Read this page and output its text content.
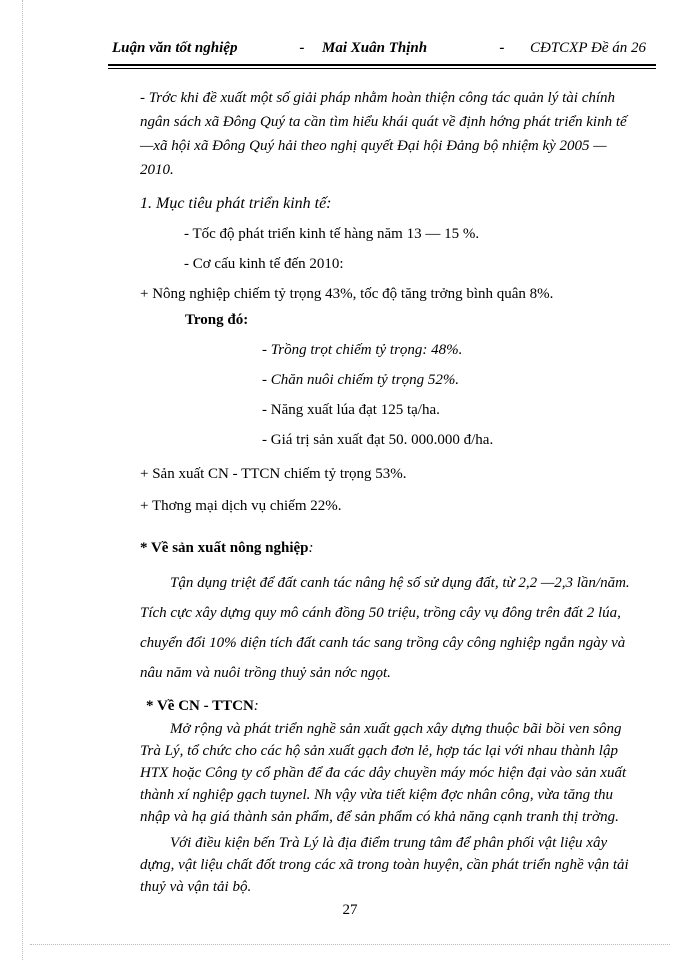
Luận văn tốt nghiệp	-	Mai Xuân Thịnh	-	CĐTCXP Đề án 26

- Trớc khi đề xuất một số giải pháp nhằm hoàn thiện công tác quản lý tài chính ngân sách xã Đông Quý ta cần tìm hiểu khái quát về định hớng phát triển kinh tế —xã hội xã Đông Quý hải theo nghị quyết Đại hội Đảng bộ nhiệm kỳ 2005 —2010.

1. Mục tiêu phát triển kinh tế:

- Tốc độ phát triển kinh tế hàng năm 13 — 15 %.

- Cơ cấu kinh tế đến 2010:

+ Nông nghiệp chiếm tỷ trọng 43%, tốc độ tăng trởng bình quân 8%.

Trong đó:

- Trồng trọt chiếm tỷ trọng: 48%.

- Chăn nuôi chiếm tỷ trọng 52%.

- Năng xuất lúa đạt 125 tạ/ha.

- Giá trị sản xuất đạt 50. 000.000 đ/ha.

+ Sản xuất CN - TTCN chiếm tỷ trọng 53%.

+ Thơng mại dịch vụ chiếm 22%.

* Về sản xuất nông nghiệp:

Tận dụng triệt để đất canh tác nâng hệ số sử dụng đất, từ 2,2 —2,3 lần/năm. Tích cực xây dựng quy mô cánh đồng 50 triệu, trồng cây vụ đông trên đất 2 lúa, chuyển đổi 10% diện tích đất canh tác sang trồng cây công nghiệp ngắn ngày và nâu năm và nuôi trồng thuỷ sản nớc ngọt.

* Về CN - TTCN:

Mở rộng và phát triển nghề sản xuất gạch xây dựng thuộc bãi bồi ven sông Trà Lý, tổ chức cho các hộ sản xuất gạch đơn lẻ, hợp tác lại với nhau thành lập HTX hoặc Công ty cổ phần để đa các dây chuyền máy móc hiện đại vào sản xuất thành xí nghiệp gạch tuynel. Nh vậy vừa tiết kiệm đợc nhân công, vừa tăng thu nhập và hạ giá thành sản phẩm, để sản phẩm có khả năng cạnh tranh thị trờng.

Với điều kiện bến Trà Lý là địa điểm trung tâm để phân phối vật liệu xây dựng, vật liệu chất đốt trong các xã trong toàn huyện, cần phát triển nghề vận tải thuỷ và vận tải bộ.

27
